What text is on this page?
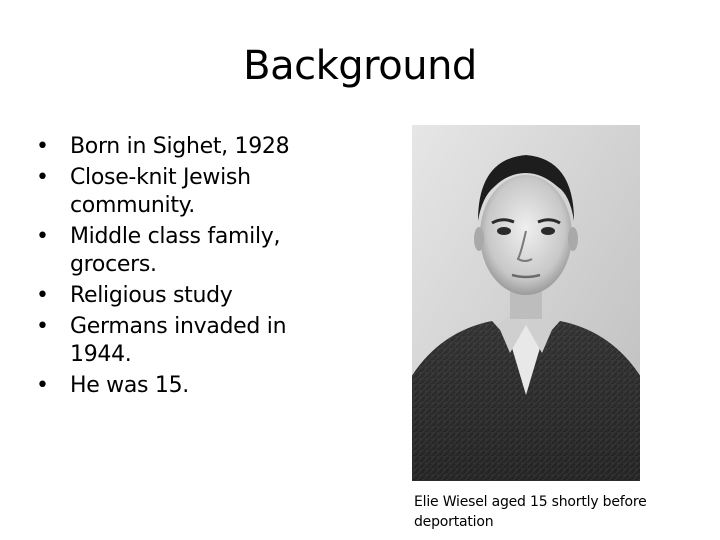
Background
• Born in Sighet, 1928
• Close-knit Jewish community.
• Middle class family, grocers.
• Religious study
• Germans invaded in 1944.
• He was 15.
Elie Wiesel aged 15 shortly before deportation
